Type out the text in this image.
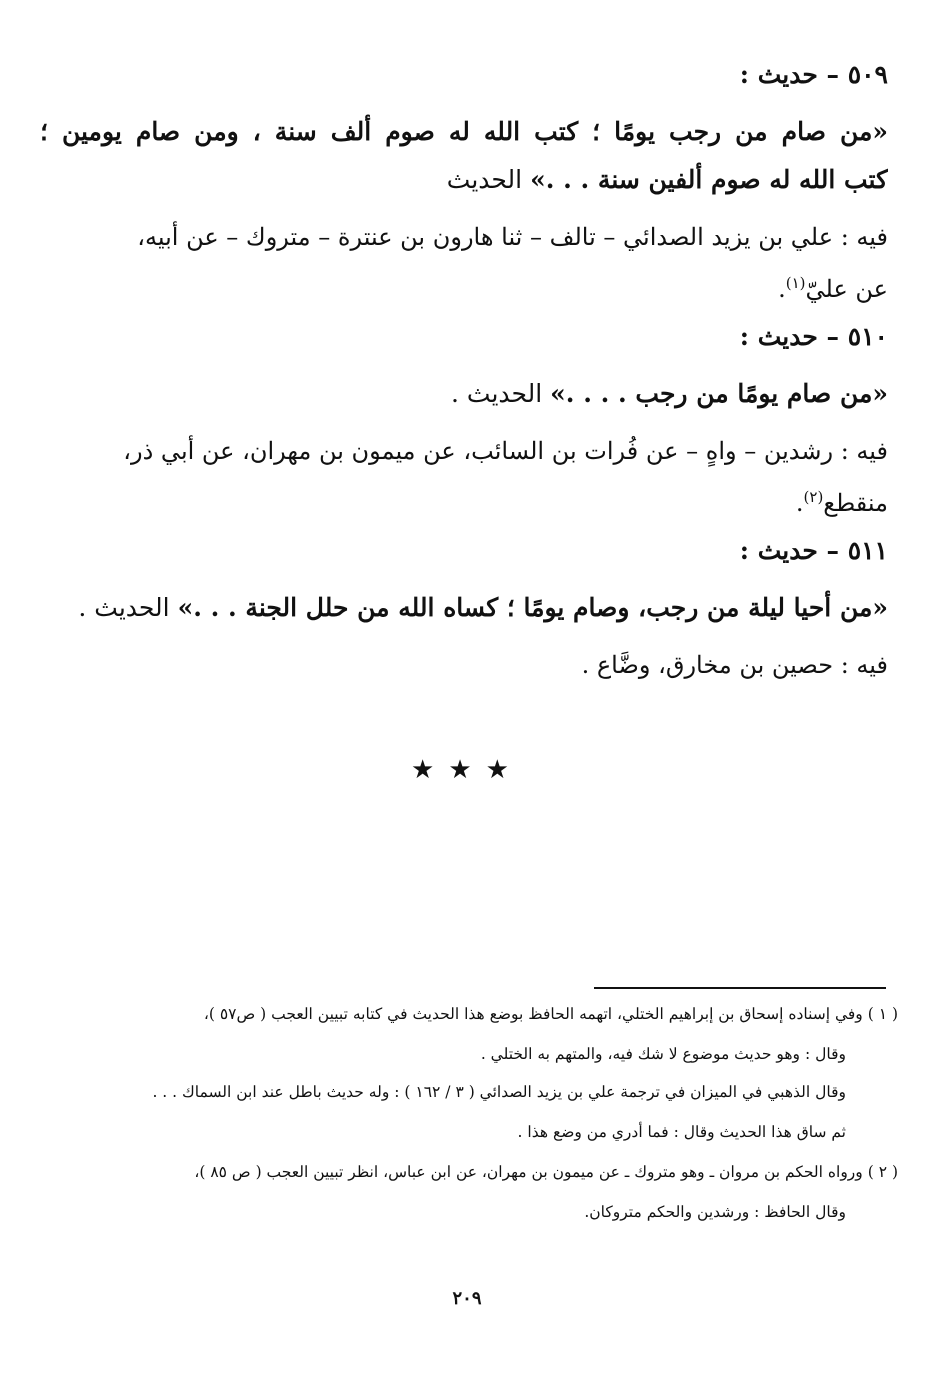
٥٠٩ – حديث :
«من صام من رجب يومًا ؛ كتب الله له صوم ألف سنة ، ومن صام يومين ؛
كتب الله له صوم ألفين سنة . . .» الحديث
فيه : علي بن يزيد الصدائي – تالف – ثنا هارون بن عنترة – متروك – عن أبيه،
عن عليّ$^{(١)}$.
٥١٠ – حديث :
«من صام يومًا من رجب . . . .» الحديث .
فيه : رشدين – واهٍ – عن فُرات بن السائب، عن ميمون بن مهران، عن أبي ذر،
منقطع$^{(٢)}$.
٥١١ – حديث :
«من أحيا ليلة من رجب، وصام يومًا ؛ كساه الله من حلل الجنة . . .» الحديث .
فيه : حصين بن مخارق، وضَّاع .
★★★
( ١ ) وفي إسناده إسحاق بن إبراهيم الختلي، اتهمه الحافظ بوضع هذا الحديث في كتابه تبيين العجب ( ص٥٧ )،
وقال : وهو حديث موضوع لا شك فيه، والمتهم به الختلي .
وقال الذهبي في الميزان في ترجمة علي بن يزيد الصدائي ( ٣ / ١٦٢ ) : وله حديث باطل عند ابن السماك . . .
ثم ساق هذا الحديث وقال : فما أدري من وضع هذا .
( ٢ ) ورواه الحكم بن مروان ـ وهو متروك ـ عن ميمون بن مهران، عن ابن عباس، انظر تبيين العجب ( ص ٨٥ )،
وقال الحافظ : ورشدين والحكم متروكان.
٢٠٩
